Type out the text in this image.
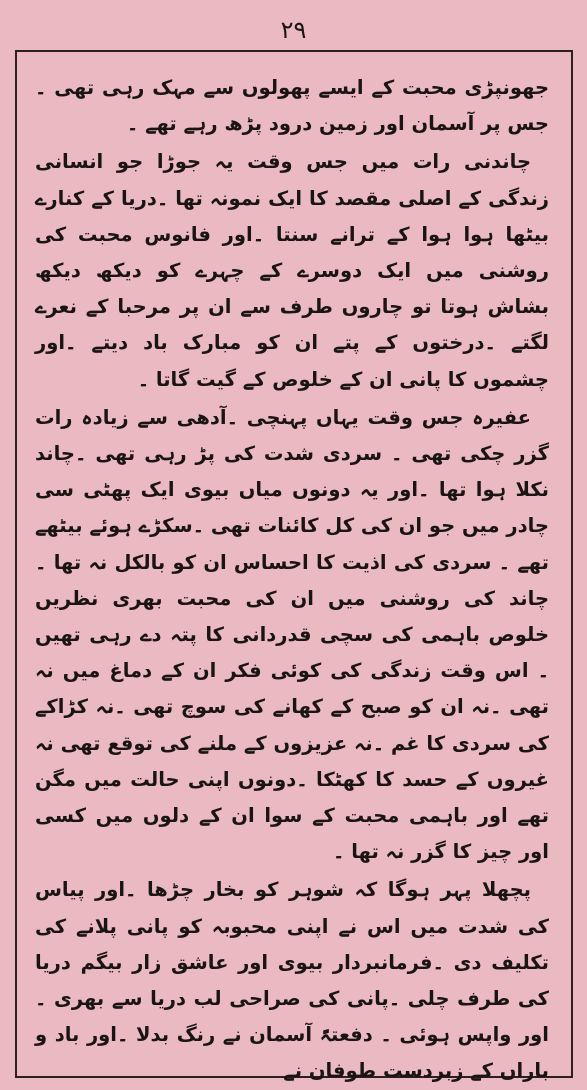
۲۹

جھونپڑی محبت کے ایسے پھولوں سے مہک رہی تھی ۔جس پر آسمان اور زمین درود پڑھ رہے تھے ۔

چاندنی رات میں جس وقت یہ جوڑا جو انسانی زندگی کے اصلی مقصد کا ایک نمونہ تھا ۔دریا کے کنارے بیٹھا ہوا ہوا کے ترانے سنتا ۔اور فانوس محبت کی روشنی میں ایک دوسرے کے چہرے کو دیکھ دیکھ بشاش ہوتا تو چاروں طرف سے ان پر مرحبا کے نعرے لگتے ۔درختوں کے پتے ان کو مبارک باد دیتے ۔اور چشموں کا پانی ان کے خلوص کے گیت گاتا ۔

عفیرہ جس وقت یہاں پہنچی ۔آدھی سے زیادہ رات گزر چکی تھی ۔ سردی شدت کی پڑ رہی تھی ۔چاند نکلا ہوا تھا ۔اور یہ دونوں میاں بیوی ایک پھٹی سی چادر میں جو ان کی کل کائنات تھی ۔سکڑے ہوئے بیٹھے تھے ۔ سردی کی اذیت کا احساس ان کو بالکل نہ تھا ۔چاند کی روشنی میں ان کی محبت بھری نظریں خلوص باہمی کی سچی قدردانی کا پتہ دے رہی تھیں ۔ اس وقت زندگی کی کوئی فکر ان کے دماغ میں نہ تھی ۔نہ ان کو صبح کے کھانے کی سوچ تھی ۔نہ کڑاکے کی سردی کا غم ۔نہ عزیزوں کے ملنے کی توقع تھی نہ غیروں کے حسد کا کھٹکا ۔دونوں اپنی حالت میں مگن تھے اور باہمی محبت کے سوا ان کے دلوں میں کسی اور چیز کا گزر نہ تھا ۔

پچھلا پہر ہوگا کہ شوہر کو بخار چڑھا ۔اور پیاس کی شدت میں اس نے اپنی محبوبہ کو پانی پلانے کی تکلیف دی ۔فرمانبردار بیوی اور عاشق زار بیگم دریا کی طرف چلی ۔پانی کی صراحی لب دریا سے بھری ۔اور واپس ہوئی ۔ دفعتہً آسمان نے رنگ بدلا ۔اور باد و باراں کے زبردست طوفان نے
